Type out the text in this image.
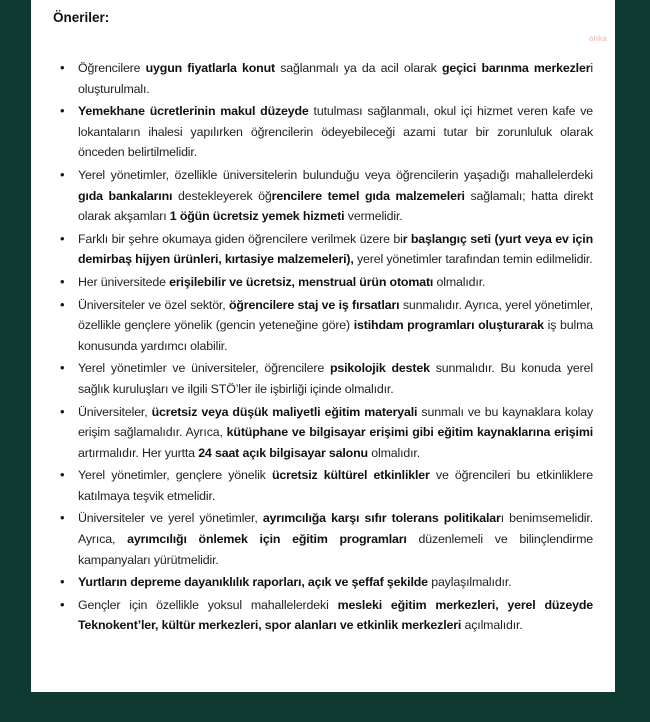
anka
Öneriler:
• Öğrencilere uygun fiyatlarla konut sağlanmalı ya da acil olarak geçici barınma merkezleri oluşturulmalı.
• Yemekhane ücretlerinin makul düzeyde tutulması sağlanmalı, okul içi hizmet veren kafe ve lokantaların ihalesi yapılırken öğrencilerin ödeyebileceği azami tutar bir zorunluluk olarak önceden belirtilmelidir.
• Yerel yönetimler, özellikle üniversitelerin bulunduğu veya öğrencilerin yaşadığı mahallelerdeki gıda bankalarını destekleyerek öğrencilere temel gıda malzemeleri sağlamalı; hatta direkt olarak akşamları 1 öğün ücretsiz yemek hizmeti vermelidir.
• Farklı bir şehre okumaya giden öğrencilere verilmek üzere bir başlangıç seti (yurt veya ev için demirbaş hijyen ürünleri, kırtasiye malzemeleri), yerel yönetimler tarafından temin edilmelidir.
• Her üniversitede erişilebilir ve ücretsiz, menstrual ürün otomatı olmalıdır.
• Üniversiteler ve özel sektör, öğrencilere staj ve iş fırsatları sunmalıdır. Ayrıca, yerel yönetimler, özellikle gençlere yönelik (gencin yeteneğine göre) istihdam programları oluşturarak iş bulma konusunda yardımcı olabilir.
• Yerel yönetimler ve üniversiteler, öğrencilere psikolojik destek sunmalıdır. Bu konuda yerel sağlık kuruluşları ve ilgili STÖ’ler ile işbirliği içinde olmalıdır.
• Üniversiteler, ücretsiz veya düşük maliyetli eğitim materyali sunmalı ve bu kaynaklara kolay erişim sağlamalıdır. Ayrıca, kütüphane ve bilgisayar erişimi gibi eğitim kaynaklarına erişimi artırmalıdır. Her yurtta 24 saat açık bilgisayar salonu olmalıdır.
• Yerel yönetimler, gençlere yönelik ücretsiz kültürel etkinlikler ve öğrencileri bu etkinliklere katılmaya teşvik etmelidir.
• Üniversiteler ve yerel yönetimler, ayrımcılığa karşı sıfır tolerans politikaları benimsemelidir. Ayrıca, ayrımcılığı önlemek için eğitim programları düzenlemeli ve bilinçlendirme kampanyaları yürütmelidir.
• Yurtların depreme dayanıklılık raporları, açık ve şeffaf şekilde paylaşılmalıdır.
• Gençler için özellikle yoksul mahallelerdeki mesleki eğitim merkezleri, yerel düzeyde Teknokent’ler, kültür merkezleri, spor alanları ve etkinlik merkezleri açılmalıdır.
